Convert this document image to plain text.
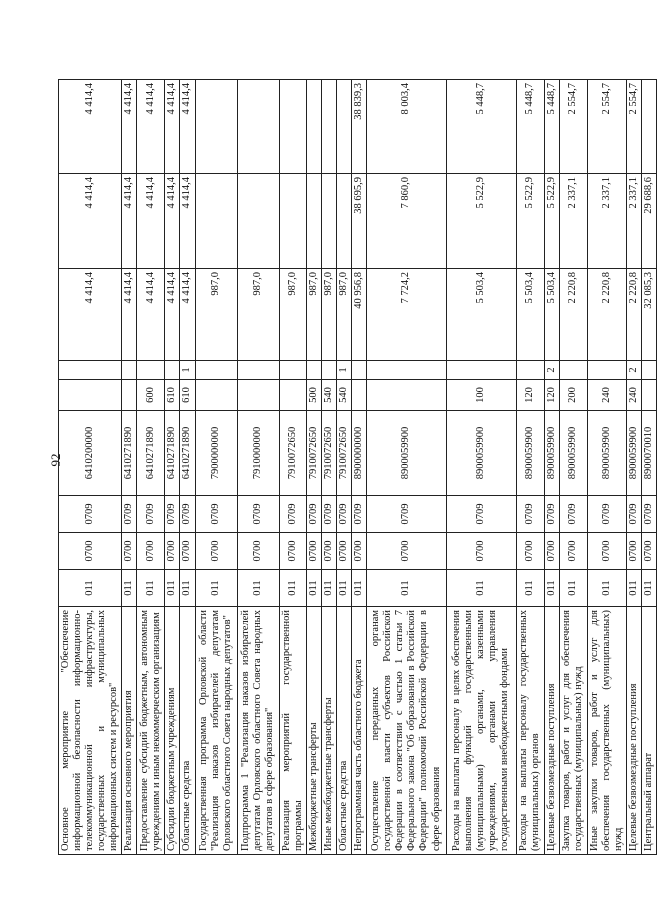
92
Основное мероприятие "Обеспечение информационной безопасности информационно-телекоммуникационной инфраструктуры, государственных и муниципальных информационных систем и ресурсов"	011	0700	0709	6410200000			4 414,4	4 414,4	4 414,4
Реализация основного мероприятия	011	0700	0709	6410271890			4 414,4	4 414,4	4 414,4
Предоставление субсидий бюджетным, автономным учреждениям и иным некоммерческим организациям	011	0700	0709	6410271890	600		4 414,4	4 414,4	4 414,4
Субсидии бюджетным учреждениям	011	0700	0709	6410271890	610		4 414,4	4 414,4	4 414,4
Областные средства	011	0700	0709	6410271890	610	1	4 414,4	4 414,4	4 414,4
Государственная программа Орловской области "Реализация наказов избирателей депутатам Орловского областного Совета народных депутатов"	011	0700	0709	7900000000			987,0		
Подпрограмма 1 "Реализация наказов избирателей депутатам Орловского областного Совета народных депутатов в сфере образования"	011	0700	0709	7910000000			987,0		
Реализация мероприятий государственной программы	011	0700	0709	7910072650			987,0		
Межбюджетные трансферты	011	0700	0709	7910072650	500		987,0		
Иные межбюджетные трансферты	011	0700	0709	7910072650	540		987,0		
Областные средства	011	0700	0709	7910072650	540	1	987,0		
Непрограммная часть областного бюджета	011	0700	0709	8900000000			40 956,8	38 695,9	38 839,3
Осуществление переданных органам государственной власти субъектов Российской Федерации в соответствии с частью 1 статьи 7 Федерального закона "Об образовании в Российской Федерации" полномочий Российской Федерации в сфере образования	011	0700	0709	8900059900			7 724,2	7 860,0	8 003,4
Расходы на выплаты персоналу в целях обеспечения выполнения функций государственными (муниципальными) органами, казенными учреждениями, органами управления государственными внебюджетными фондами	011	0700	0709	8900059900	100		5 503,4	5 522,9	5 448,7
Расходы на выплаты персоналу государственных (муниципальных) органов	011	0700	0709	8900059900	120		5 503,4	5 522,9	5 448,7
Целевые безвозмездные поступления	011	0700	0709	8900059900	120	2	5 503,4	5 522,9	5 448,7
Закупка товаров, работ и услуг для обеспечения государственных (муниципальных) нужд	011	0700	0709	8900059900	200		2 220,8	2 337,1	2 554,7
Иные закупки товаров, работ и услуг для обеспечения государственных (муниципальных) нужд	011	0700	0709	8900059900	240		2 220,8	2 337,1	2 554,7
Целевые безвозмездные поступления	011	0700	0709	8900059900	240	2	2 220,8	2 337,1	2 554,7
Центральный аппарат	011	0700	0709	8900070010			32 085,3	29 688,6	
